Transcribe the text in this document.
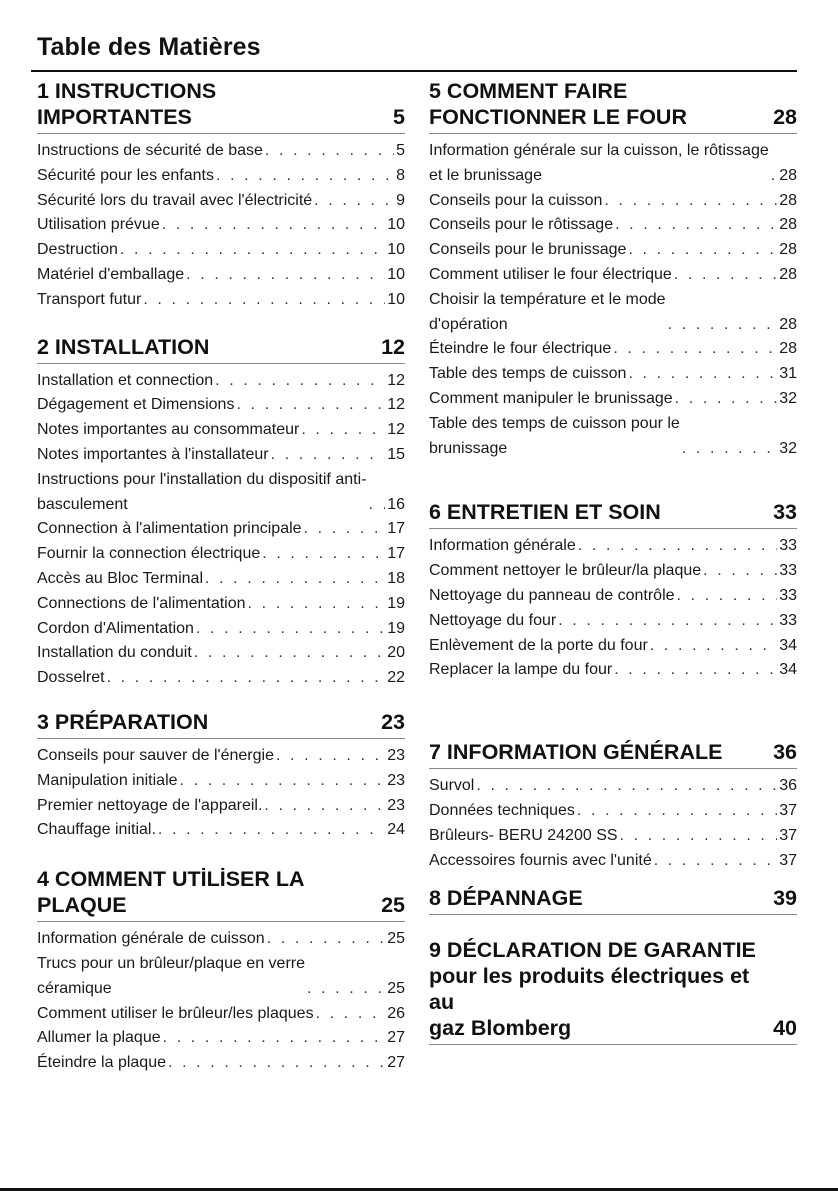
Table des Matières
1 INSTRUCTIONS
IMPORTANTES	5
Instructions de sécurité de base . . .	5
Sécurité pour les enfants . . .	8
Sécurité lors du travail avec l'électricité . . .	9
Utilisation prévue . . .	10
Destruction . . .	10
Matériel d'emballage . . .	10
Transport futur . . .	10
2 INSTALLATION	12
Installation et connection . . .	12
Dégagement et Dimensions . . .	12
Notes importantes au consommateur . . .	12
Notes importantes à l'installateur . . .	15
Instructions pour l'installation du dispositif anti-
basculement . . .	16
Connection à l'alimentation principale . . .	17
Fournir la connection électrique . . .	17
Accès au Bloc Terminal . . .	18
Connections de l'alimentation . . .	19
Cordon d'Alimentation . . .	19
Installation du conduit . . .	20
Dosselret . . .	22
3 PRÉPARATION	23
Conseils pour sauver de l'énergie . . .	23
Manipulation initiale . . .	23
Premier nettoyage de l'appareil. . . .	23
Chauffage initial. . . .	24
4 COMMENT UTİLİSER LA
PLAQUE	25
Information générale de cuisson . . .	25
Trucs pour un brûleur/plaque en verre
céramique . . .	25
Comment utiliser le brûleur/les plaques . . .	26
Allumer la plaque . . .	27
Éteindre la plaque . . .	27
5 COMMENT FAIRE
FONCTIONNER LE FOUR	28
Information générale sur la cuisson, le rôtissage
et le brunissage . . .	28
Conseils pour la cuisson . . .	28
Conseils pour le rôtissage . . .	28
Conseils pour le brunissage . . .	28
Comment utiliser le four électrique . . .	28
Choisir la température et le mode
d'opération . . .	28
Éteindre le four électrique . . .	28
Table des temps de cuisson . . .	31
Comment manipuler le brunissage . . .	32
Table des temps de cuisson pour le
brunissage . . .	32
6 ENTRETIEN ET SOIN	33
Information générale . . .	33
Comment nettoyer le brûleur/la plaque . . .	33
Nettoyage du panneau de contrôle . . .	33
Nettoyage du four . . .	33
Enlèvement de la porte du four . . .	34
Replacer la lampe du four . . .	34
7 INFORMATION GÉNÉRALE 36
Survol . . .	36
Données techniques . . .	37
Brûleurs- BERU 24200 SS . . .	37
Accessoires fournis avec l'unité . . .	37
8 DÉPANNAGE	39
9 DÉCLARATION DE GARANTIE
pour les produits électriques et au
gaz Blomberg	40
